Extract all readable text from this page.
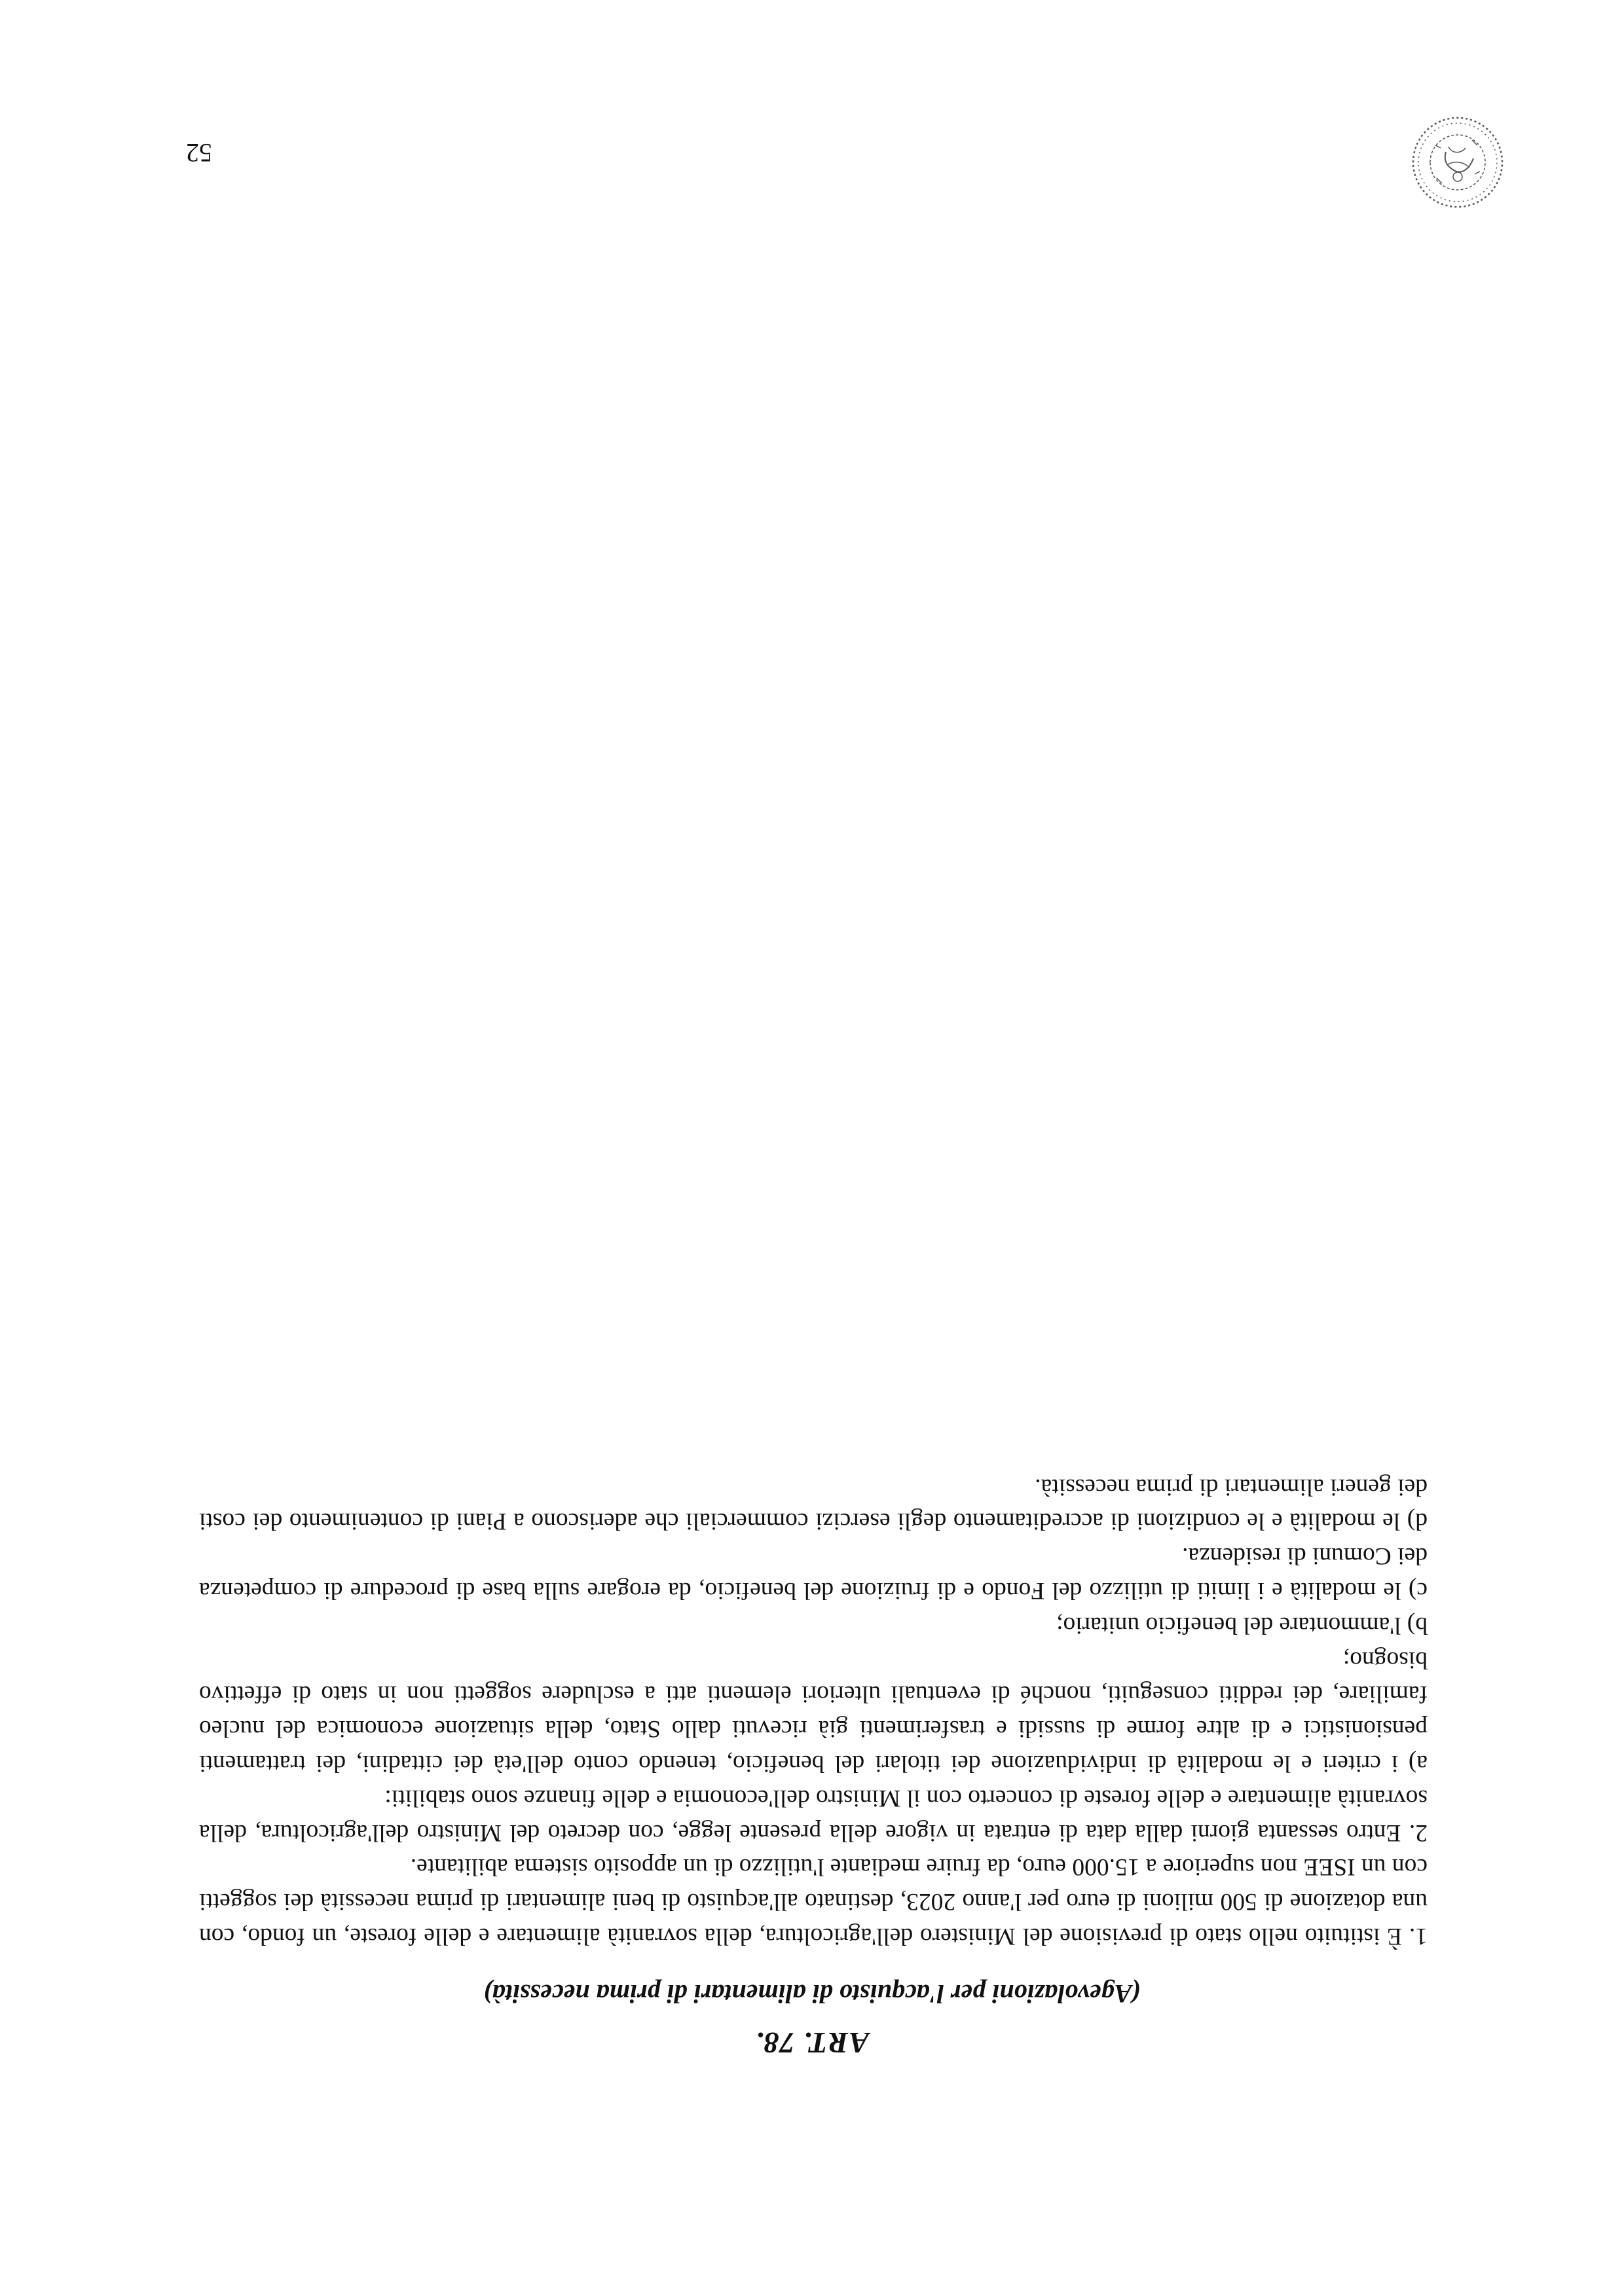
ART. 78.
(Agevolazioni per l'acquisto di alimentari di prima necessità)

1. È istituito nello stato di previsione del Ministero dell'agricoltura, della sovranità alimentare e delle foreste, un fondo, con una dotazione di 500 milioni di euro per l'anno 2023, destinato all'acquisto di beni alimentari di prima necessità dei soggetti con un ISEE non superiore a 15.000 euro, da fruire mediante l'utilizzo di un apposito sistema abilitante.

2. Entro sessanta giorni dalla data di entrata in vigore della presente legge, con decreto del Ministro dell'agricoltura, della sovranità alimentare e delle foreste di concerto con il Ministro dell'economia e delle finanze sono stabiliti:

a) i criteri e le modalità di individuazione dei titolari del beneficio, tenendo conto dell'età dei cittadini, dei trattamenti pensionistici e di altre forme di sussidi e trasferimenti già ricevuti dallo Stato, della situazione economica del nucleo familiare, dei redditi conseguiti, nonché di eventuali ulteriori elementi atti a escludere soggetti non in stato di effettivo bisogno;

b) l'ammontare del beneficio unitario;

c) le modalità e i limiti di utilizzo del Fondo e di fruizione del beneficio, da erogare sulla base di procedure di competenza dei Comuni di residenza.

d) le modalità e le condizioni di accreditamento degli esercizi commerciali che aderiscono a Piani di contenimento dei costi dei generi alimentari di prima necessità.

52
